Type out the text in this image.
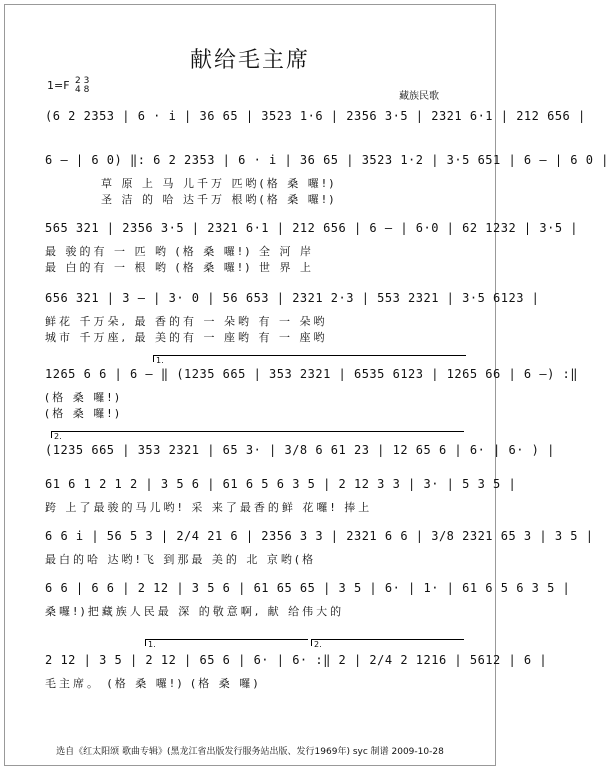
献给毛主席
1=F 2 3
4 8
藏族民歌
(6 2 2353 | 6 · i | 36 65 | 3523 1·6 | 2356 3·5 | 2321 6·1 | 212 656 |
6 – | 6 0) ‖: 6 2 2353 | 6 · i | 36 65 | 3523 1·2 | 3·5 651 | 6 – | 6 0 |
草 原 上 马 儿千万 匹哟(格 桑 囉!)
圣 洁 的 哈 达千万 根哟(格 桑 囉!)
565 321 | 2356 3·5 | 2321 6·1 | 212 656 | 6 – | 6·0 | 62 1232 | 3·5 |
最 骏的有 一 匹 哟 (格 桑 囉!) 全 河 岸
最 白的有 一 根 哟 (格 桑 囉!) 世 界 上
656 321 | 3 – | 3· 0 | 56 653 | 2321 2·3 | 553 2321 | 3·5 6123 |
鲜花 千万朵, 最 香的有 一 朵哟 有 一 朵哟
城市 千万座, 最 美的有 一 座哟 有 一 座哟
1.
1265 6 6 | 6 – ‖ (1235 665 | 353 2321 | 6535 6123 | 1265 66 | 6 –) :‖
(格 桑 囉!)
(格 桑 囉!)
2.
(1235 665 | 353 2321 | 65 3· | 3/8 6 61 23 | 12 65 6 | 6· | 6· ) |
61 6 1 2 1 2 | 3 5 6 | 61 6 5 6 3 5 | 2 12 3 3 | 3· | 5 3 5 |
跨 上了最骏的马儿哟! 采 来了最香的鲜 花囉! 捧上
6 6 i | 56 5 3 | 2/4 21 6 | 2356 3 3 | 2321 6 6 | 3/8 2321 65 3 | 3 5 |
最白的哈 达哟!飞 到那最 美的 北 京哟(格
6 6 | 6 6 | 2 12 | 3 5 6 | 61 65 65 | 3 5 | 6· | 1· | 61 6 5 6 3 5 |
桑囉!)把藏族人民最 深 的敬意啊, 献 给伟大的
1.	2.
2 12 | 3 5 | 2 12 | 65 6 | 6· | 6· :‖ 2 | 2/4 2 1216 | 5612 | 6 |
毛主席。 (格 桑 囉!) (格 桑 囉)
选自《红太阳颂 歌曲专辑》(黑龙江省出版发行服务站出版、发行1969年) syc 制谱 2009-10-28
